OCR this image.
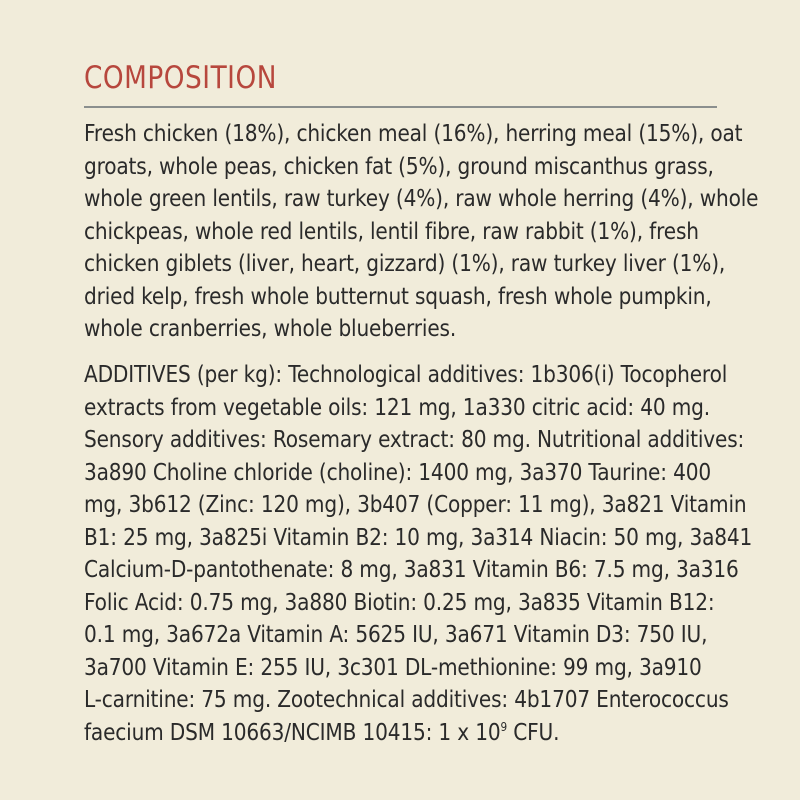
COMPOSITION
Fresh chicken (18%), chicken meal (16%), herring meal (15%), oat
groats, whole peas, chicken fat (5%), ground miscanthus grass,
whole green lentils, raw turkey (4%), raw whole herring (4%), whole
chickpeas, whole red lentils, lentil fibre, raw rabbit (1%), fresh
chicken giblets (liver, heart, gizzard) (1%), raw turkey liver (1%),
dried kelp, fresh whole butternut squash, fresh whole pumpkin,
whole cranberries, whole blueberries.
ADDITIVES (per kg): Technological additives: 1b306(i) Tocopherol
extracts from vegetable oils: 121 mg, 1a330 citric acid: 40 mg.
Sensory additives: Rosemary extract: 80 mg. Nutritional additives:
3a890 Choline chloride (choline): 1400 mg, 3a370 Taurine: 400
mg, 3b612 (Zinc: 120 mg), 3b407 (Copper: 11 mg), 3a821 Vitamin
B1: 25 mg, 3a825i Vitamin B2: 10 mg, 3a314 Niacin: 50 mg, 3a841
Calcium-D-pantothenate: 8 mg, 3a831 Vitamin B6: 7.5 mg, 3a316
Folic Acid: 0.75 mg, 3a880 Biotin: 0.25 mg, 3a835 Vitamin B12:
0.1 mg, 3a672a Vitamin A: 5625 IU, 3a671 Vitamin D3: 750 IU,
3a700 Vitamin E: 255 IU, 3c301 DL-methionine: 99 mg, 3a910
L-carnitine: 75 mg. Zootechnical additives: 4b1707 Enterococcus
faecium DSM 10663/NCIMB 10415: 1 x $10^9$ CFU.
